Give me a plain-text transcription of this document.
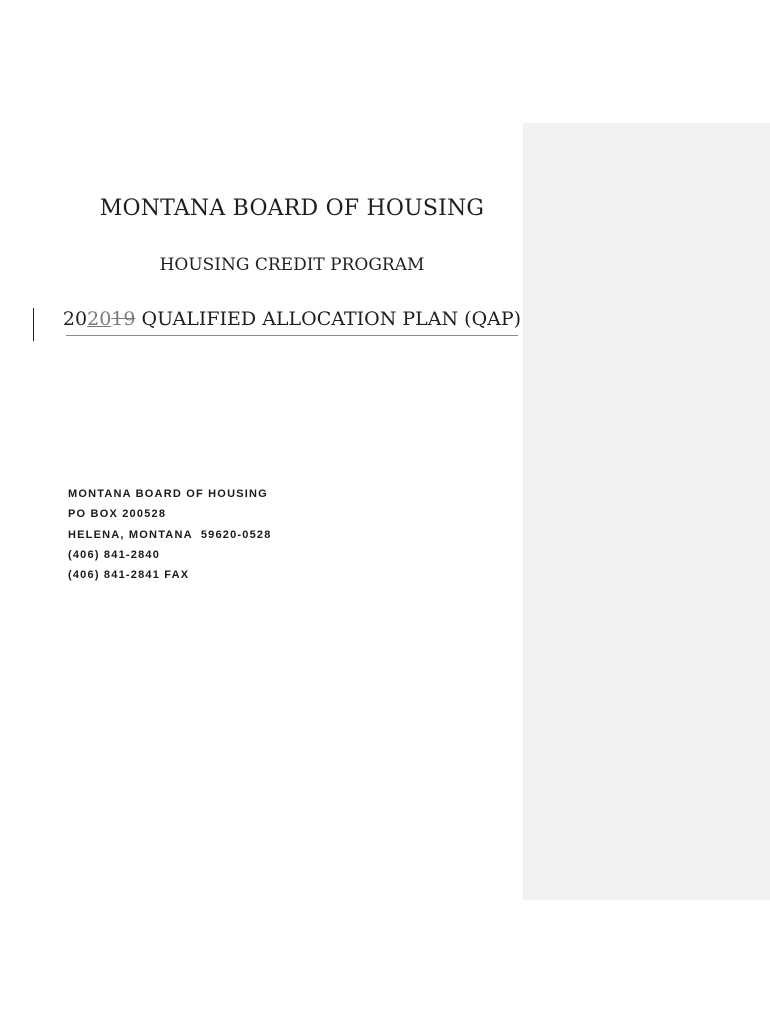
MONTANA BOARD OF HOUSING
HOUSING CREDIT PROGRAM
202019 QUALIFIED ALLOCATION PLAN (QAP)
MONTANA BOARD OF HOUSING
PO BOX 200528
HELENA, MONTANA  59620-0528
(406) 841-2840
(406) 841-2841 FAX
